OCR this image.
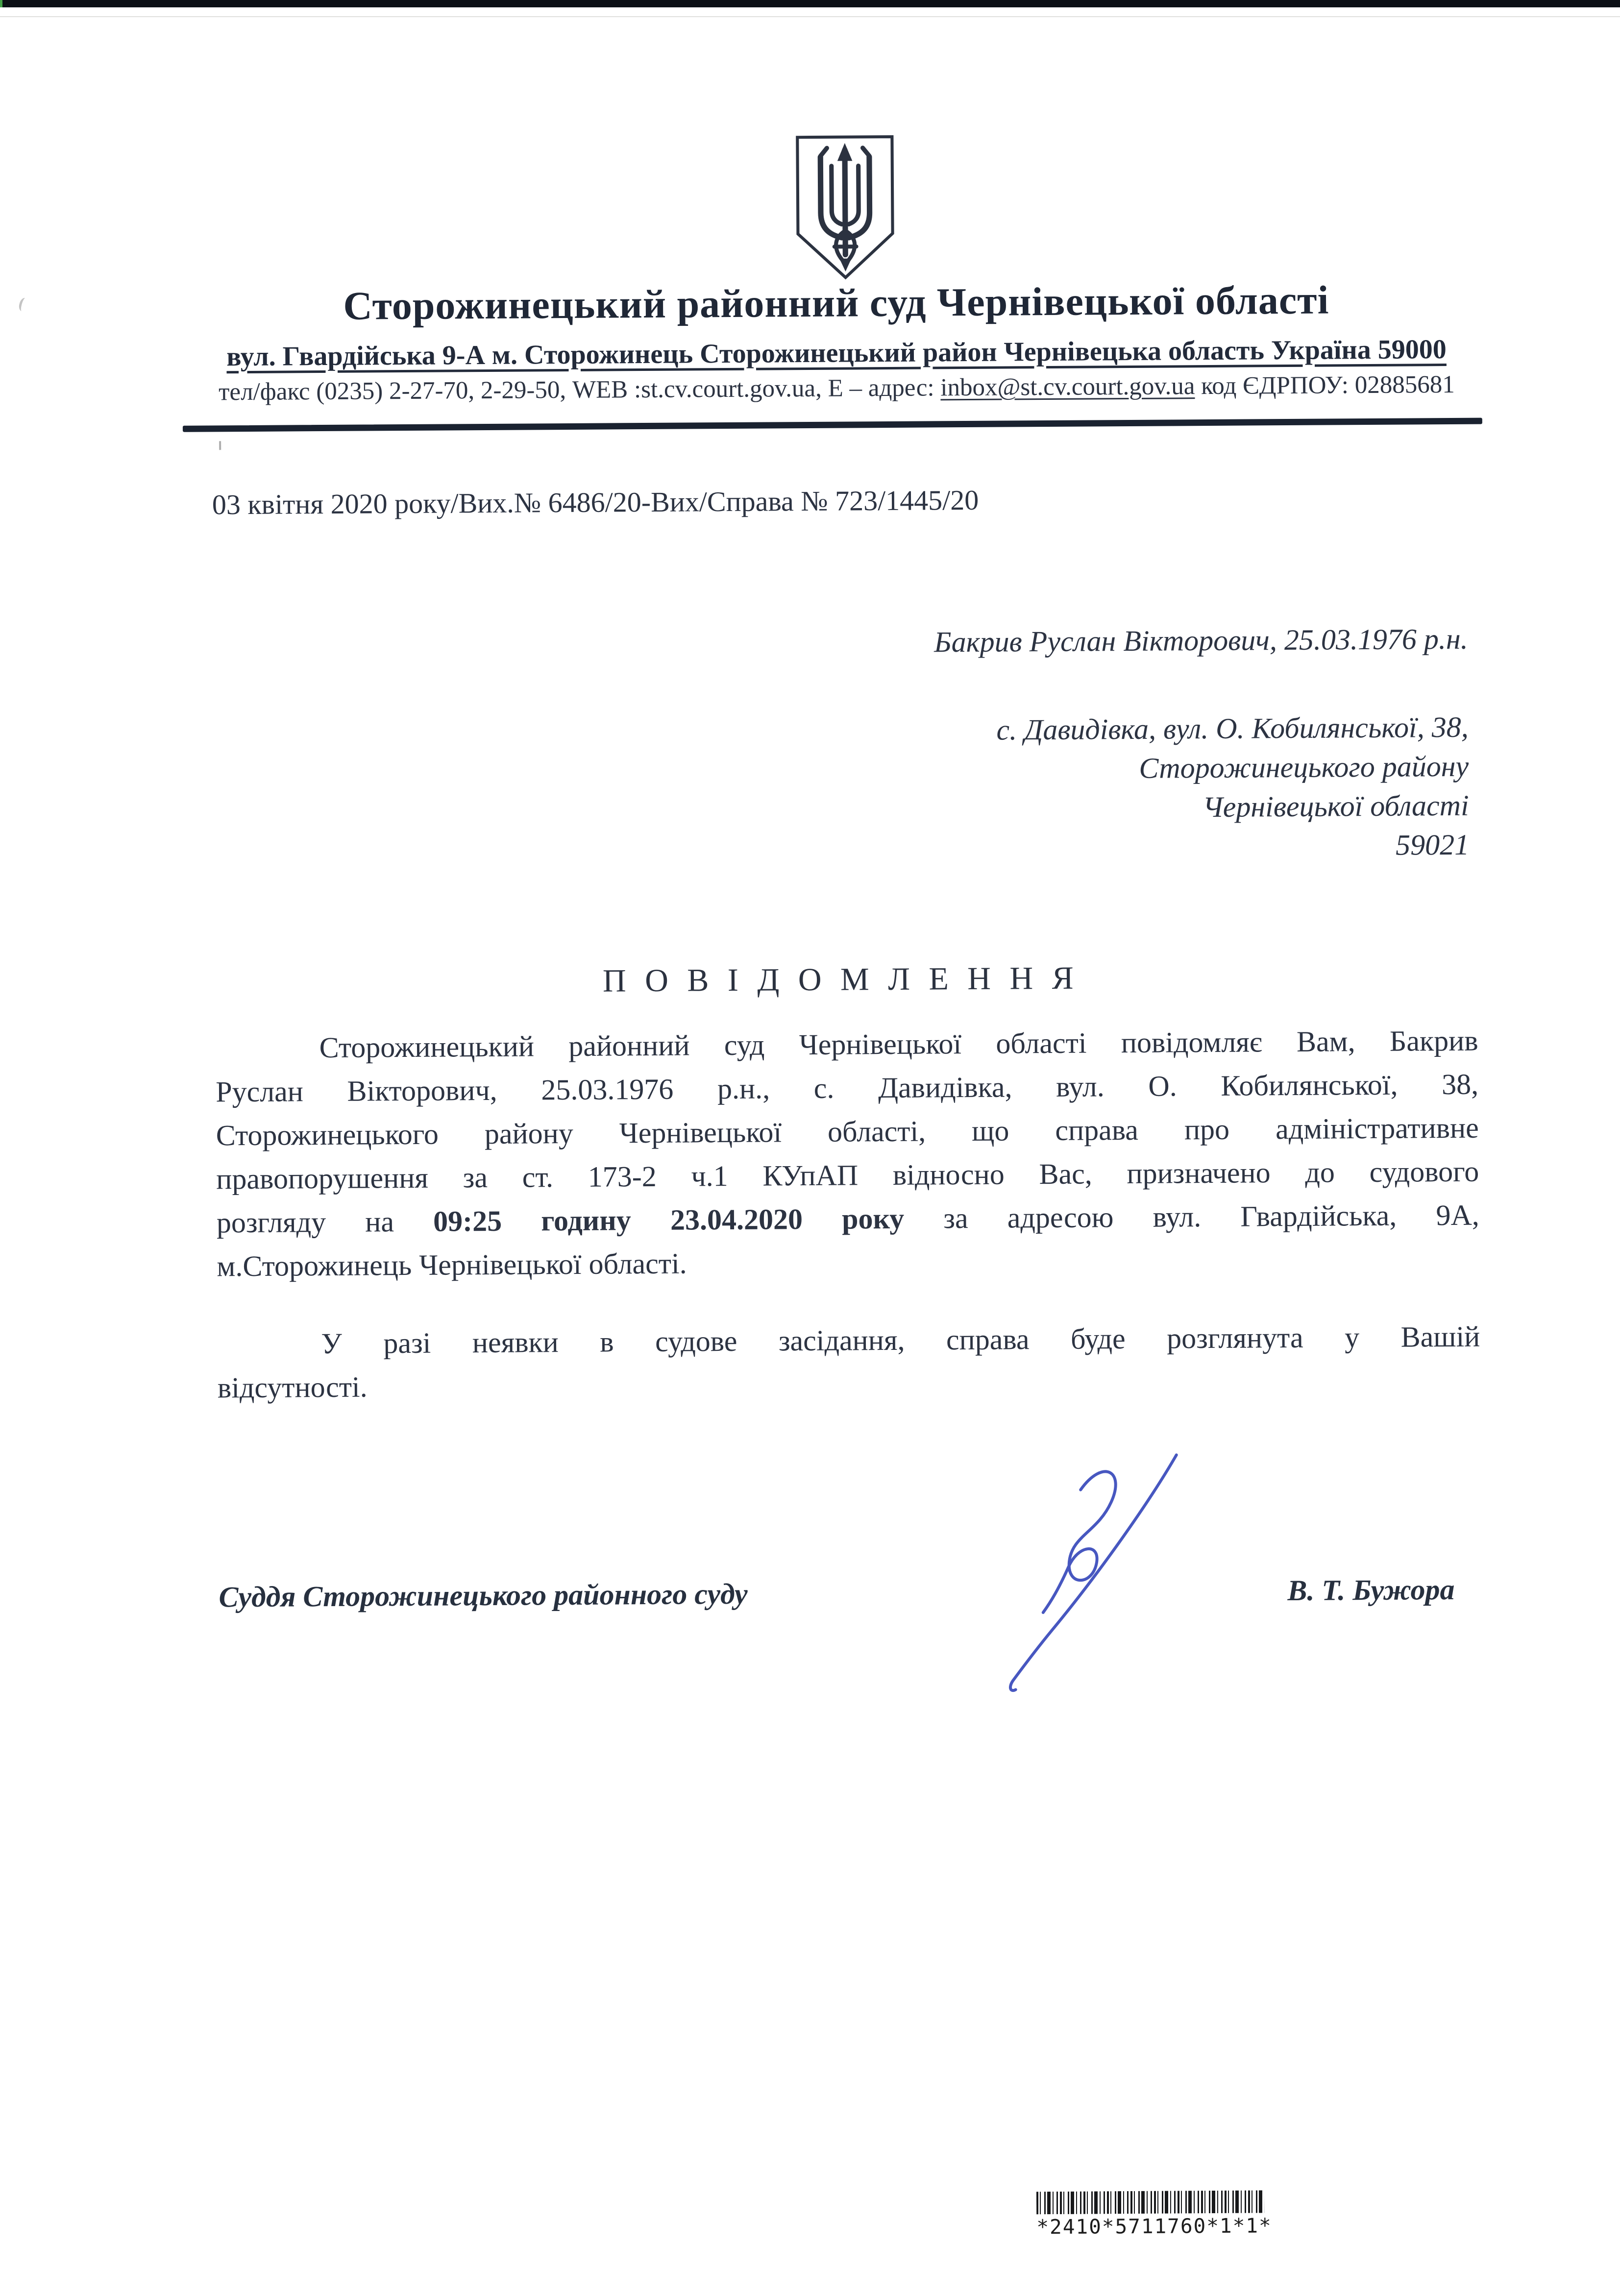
Сторожинецький районний суд Чернівецької області
вул. Гвардійська 9-А м. Сторожинець Сторожинецький район Чернівецька область Україна 59000
тел/факс (0235) 2-27-70, 2-29-50, WEB :st.cv.court.gov.ua, Е – адрес: inbox@st.cv.court.gov.ua код ЄДРПОУ: 02885681
03 квітня 2020 року/Вих.№ 6486/20-Вих/Справа № 723/1445/20
Бакрив Руслан Вікторович, 25.03.1976 р.н.
с. Давидівка, вул. О. Кобилянської, 38,
Сторожинецького району
Чернівецької області
59021
П О В І Д О М Л Е Н Н Я
Сторожинецький районний суд Чернівецької області повідомляє Вам, Бакрив
Руслан Вікторович, 25.03.1976 р.н., с. Давидівка, вул. О. Кобилянської, 38,
Сторожинецького району Чернівецької області, що справа про адміністративне
правопорушення за ст. 173-2 ч.1 КУпАП відносно Вас, призначено до судового
розгляду на 09:25 годину 23.04.2020 року за адресою вул. Гвардійська, 9А,
м.Сторожинець Чернівецької області.
У разі неявки в судове засідання, справа буде розглянута у Вашій
відсутності.
Суддя Сторожинецького районного суду	В. Т. Бужора
*2410*5711760*1*1*
